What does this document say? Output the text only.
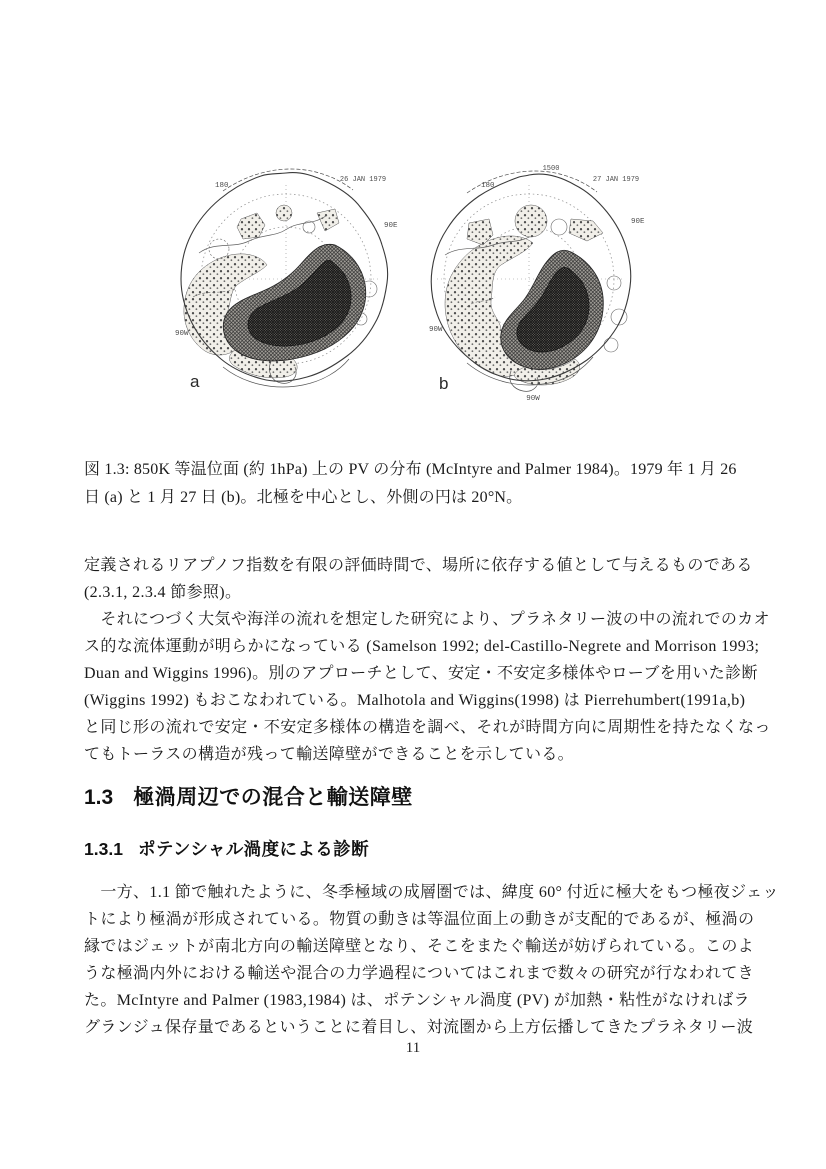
180
26 JAN 1979
90E
90W
a
1500
180
27 JAN 1979
90E
90W
90W
b
図 1.3: 850K 等温位面 (約 1hPa) 上の PV の分布 (McIntyre and Palmer 1984)。1979 年 1 月 26
日 (a) と 1 月 27 日 (b)。北極を中心とし、外側の円は 20°N。
定義されるリアプノフ指数を有限の評価時間で、場所に依存する値として与えるものである
(2.3.1, 2.3.4 節参照)。
　それにつづく大気や海洋の流れを想定した研究により、プラネタリー波の中の流れでのカオ
ス的な流体運動が明らかになっている (Samelson 1992; del-Castillo-Negrete and Morrison 1993;
Duan and Wiggins 1996)。別のアプローチとして、安定・不安定多様体やローブを用いた診断
(Wiggins 1992) もおこなわれている。Malhotola and Wiggins(1998) は Pierrehumbert(1991a,b)
と同じ形の流れで安定・不安定多様体の構造を調べ、それが時間方向に周期性を持たなくなっ
てもトーラスの構造が残って輸送障壁ができることを示している。
1.3 極渦周辺での混合と輸送障壁
1.3.1 ポテンシャル渦度による診断
　一方、1.1 節で触れたように、冬季極域の成層圏では、緯度 60° 付近に極大をもつ極夜ジェッ
トにより極渦が形成されている。物質の動きは等温位面上の動きが支配的であるが、極渦の
縁ではジェットが南北方向の輸送障壁となり、そこをまたぐ輸送が妨げられている。このよ
うな極渦内外における輸送や混合の力学過程についてはこれまで数々の研究が行なわれてき
た。McIntyre and Palmer (1983,1984) は、ポテンシャル渦度 (PV) が加熱・粘性がなければラ
グランジュ保存量であるということに着目し、対流圏から上方伝播してきたプラネタリー波
11
